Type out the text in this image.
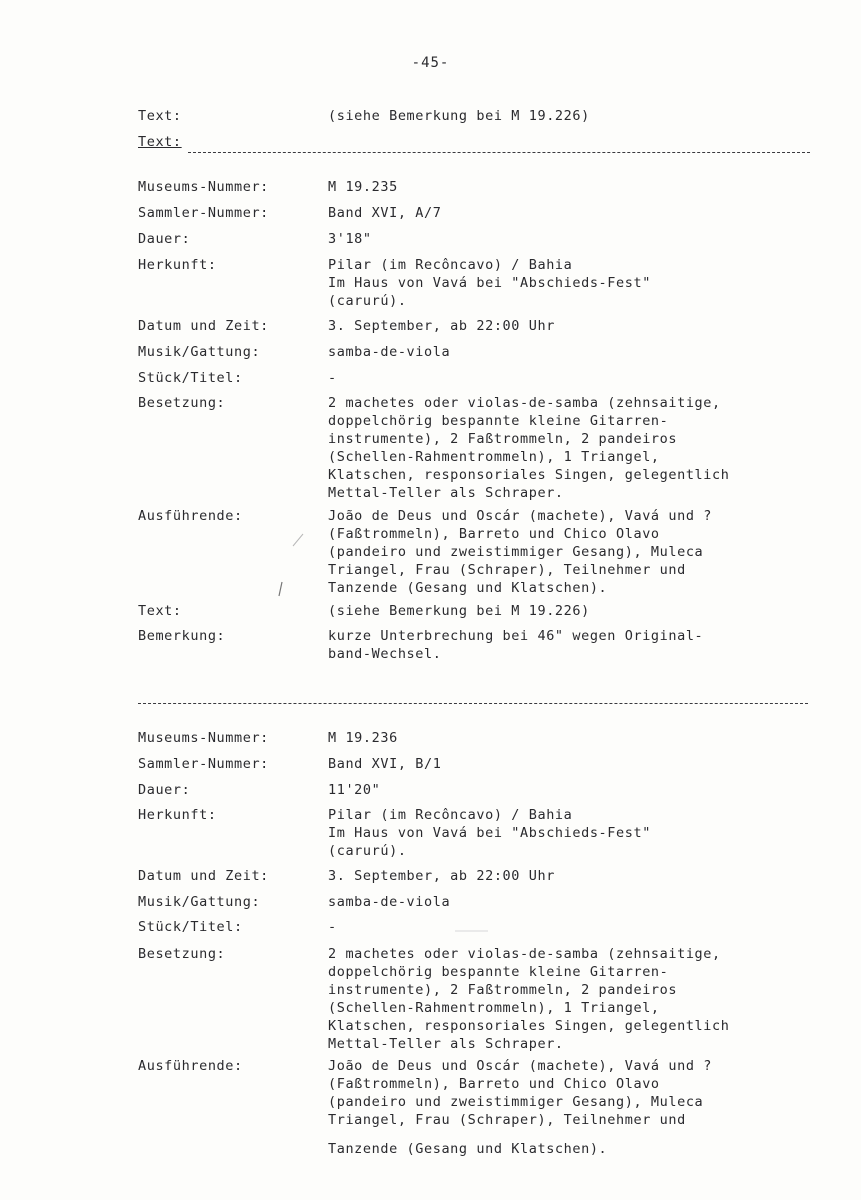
-45-
Text:	(siehe Bemerkung bei M 19.226)
Text:
Museums-Nummer:	M 19.235
Sammler-Nummer:	Band XVI, A/7
Dauer:	3'18"
Herkunft:	Pilar (im Recôncavo) / Bahia
Im Haus von Vavá bei "Abschieds-Fest"
(carurú).
Datum und Zeit:	3. September, ab 22:00 Uhr
Musik/Gattung:	samba-de-viola
Stück/Titel:	-
Besetzung:	2 machetes oder violas-de-samba (zehnsaitige,
doppelchörig bespannte kleine Gitarren-
instrumente), 2 Faßtrommeln, 2 pandeiros
(Schellen-Rahmentrommeln), 1 Triangel,
Klatschen, responsoriales Singen, gelegentlich
Mettal-Teller als Schraper.
Ausführende:	João de Deus und Oscár (machete), Vavá und ?
(Faßtrommeln), Barreto und Chico Olavo
(pandeiro und zweistimmiger Gesang), Muleca
Triangel, Frau (Schraper), Teilnehmer und
Tanzende (Gesang und Klatschen).
Text:	(siehe Bemerkung bei M 19.226)
Bemerkung:	kurze Unterbrechung bei 46" wegen Original-
band-Wechsel.
Museums-Nummer:	M 19.236
Sammler-Nummer:	Band XVI, B/1
Dauer:	11'20"
Herkunft:	Pilar (im Recôncavo) / Bahia
Im Haus von Vavá bei "Abschieds-Fest"
(carurú).
Datum und Zeit:	3. September, ab 22:00 Uhr
Musik/Gattung:	samba-de-viola
Stück/Titel:	-
Besetzung:	2 machetes oder violas-de-samba (zehnsaitige,
doppelchörig bespannte kleine Gitarren-
instrumente), 2 Faßtrommeln, 2 pandeiros
(Schellen-Rahmentrommeln), 1 Triangel,
Klatschen, responsoriales Singen, gelegentlich
Mettal-Teller als Schraper.
Ausführende:	João de Deus und Oscár (machete), Vavá und ?
(Faßtrommeln), Barreto und Chico Olavo
(pandeiro und zweistimmiger Gesang), Muleca
Triangel, Frau (Schraper), Teilnehmer und
Tanzende (Gesang und Klatschen).
